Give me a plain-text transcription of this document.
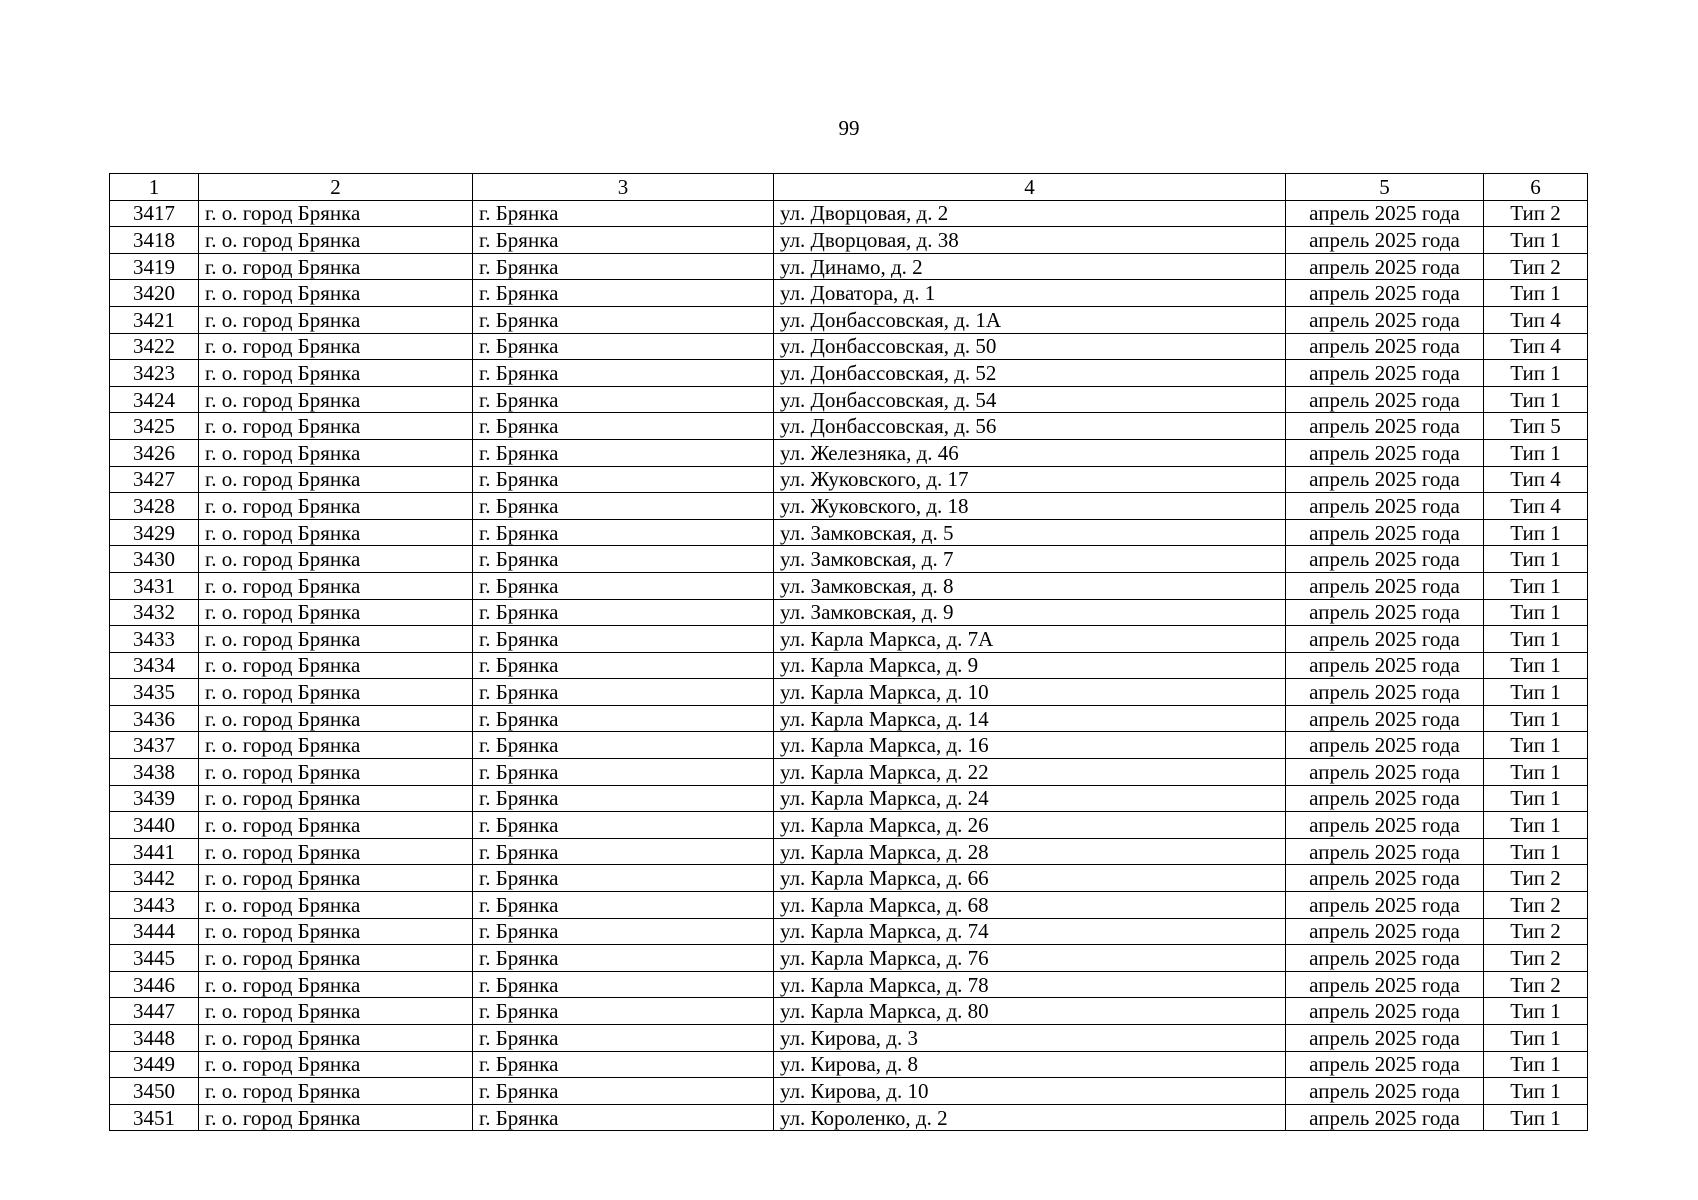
99
1	2	3	4	5	6
3417	г. о. город Брянка	г. Брянка	ул. Дворцовая, д. 2	апрель 2025 года	Тип 2
3418	г. о. город Брянка	г. Брянка	ул. Дворцовая, д. 38	апрель 2025 года	Тип 1
3419	г. о. город Брянка	г. Брянка	ул. Динамо, д. 2	апрель 2025 года	Тип 2
3420	г. о. город Брянка	г. Брянка	ул. Доватора, д. 1	апрель 2025 года	Тип 1
3421	г. о. город Брянка	г. Брянка	ул. Донбассовская, д. 1А	апрель 2025 года	Тип 4
3422	г. о. город Брянка	г. Брянка	ул. Донбассовская, д. 50	апрель 2025 года	Тип 4
3423	г. о. город Брянка	г. Брянка	ул. Донбассовская, д. 52	апрель 2025 года	Тип 1
3424	г. о. город Брянка	г. Брянка	ул. Донбассовская, д. 54	апрель 2025 года	Тип 1
3425	г. о. город Брянка	г. Брянка	ул. Донбассовская, д. 56	апрель 2025 года	Тип 5
3426	г. о. город Брянка	г. Брянка	ул. Железняка, д. 46	апрель 2025 года	Тип 1
3427	г. о. город Брянка	г. Брянка	ул. Жуковского, д. 17	апрель 2025 года	Тип 4
3428	г. о. город Брянка	г. Брянка	ул. Жуковского, д. 18	апрель 2025 года	Тип 4
3429	г. о. город Брянка	г. Брянка	ул. Замковская, д. 5	апрель 2025 года	Тип 1
3430	г. о. город Брянка	г. Брянка	ул. Замковская, д. 7	апрель 2025 года	Тип 1
3431	г. о. город Брянка	г. Брянка	ул. Замковская, д. 8	апрель 2025 года	Тип 1
3432	г. о. город Брянка	г. Брянка	ул. Замковская, д. 9	апрель 2025 года	Тип 1
3433	г. о. город Брянка	г. Брянка	ул. Карла Маркса, д. 7А	апрель 2025 года	Тип 1
3434	г. о. город Брянка	г. Брянка	ул. Карла Маркса, д. 9	апрель 2025 года	Тип 1
3435	г. о. город Брянка	г. Брянка	ул. Карла Маркса, д. 10	апрель 2025 года	Тип 1
3436	г. о. город Брянка	г. Брянка	ул. Карла Маркса, д. 14	апрель 2025 года	Тип 1
3437	г. о. город Брянка	г. Брянка	ул. Карла Маркса, д. 16	апрель 2025 года	Тип 1
3438	г. о. город Брянка	г. Брянка	ул. Карла Маркса, д. 22	апрель 2025 года	Тип 1
3439	г. о. город Брянка	г. Брянка	ул. Карла Маркса, д. 24	апрель 2025 года	Тип 1
3440	г. о. город Брянка	г. Брянка	ул. Карла Маркса, д. 26	апрель 2025 года	Тип 1
3441	г. о. город Брянка	г. Брянка	ул. Карла Маркса, д. 28	апрель 2025 года	Тип 1
3442	г. о. город Брянка	г. Брянка	ул. Карла Маркса, д. 66	апрель 2025 года	Тип 2
3443	г. о. город Брянка	г. Брянка	ул. Карла Маркса, д. 68	апрель 2025 года	Тип 2
3444	г. о. город Брянка	г. Брянка	ул. Карла Маркса, д. 74	апрель 2025 года	Тип 2
3445	г. о. город Брянка	г. Брянка	ул. Карла Маркса, д. 76	апрель 2025 года	Тип 2
3446	г. о. город Брянка	г. Брянка	ул. Карла Маркса, д. 78	апрель 2025 года	Тип 2
3447	г. о. город Брянка	г. Брянка	ул. Карла Маркса, д. 80	апрель 2025 года	Тип 1
3448	г. о. город Брянка	г. Брянка	ул. Кирова, д. 3	апрель 2025 года	Тип 1
3449	г. о. город Брянка	г. Брянка	ул. Кирова, д. 8	апрель 2025 года	Тип 1
3450	г. о. город Брянка	г. Брянка	ул. Кирова, д. 10	апрель 2025 года	Тип 1
3451	г. о. город Брянка	г. Брянка	ул. Короленко, д. 2	апрель 2025 года	Тип 1
